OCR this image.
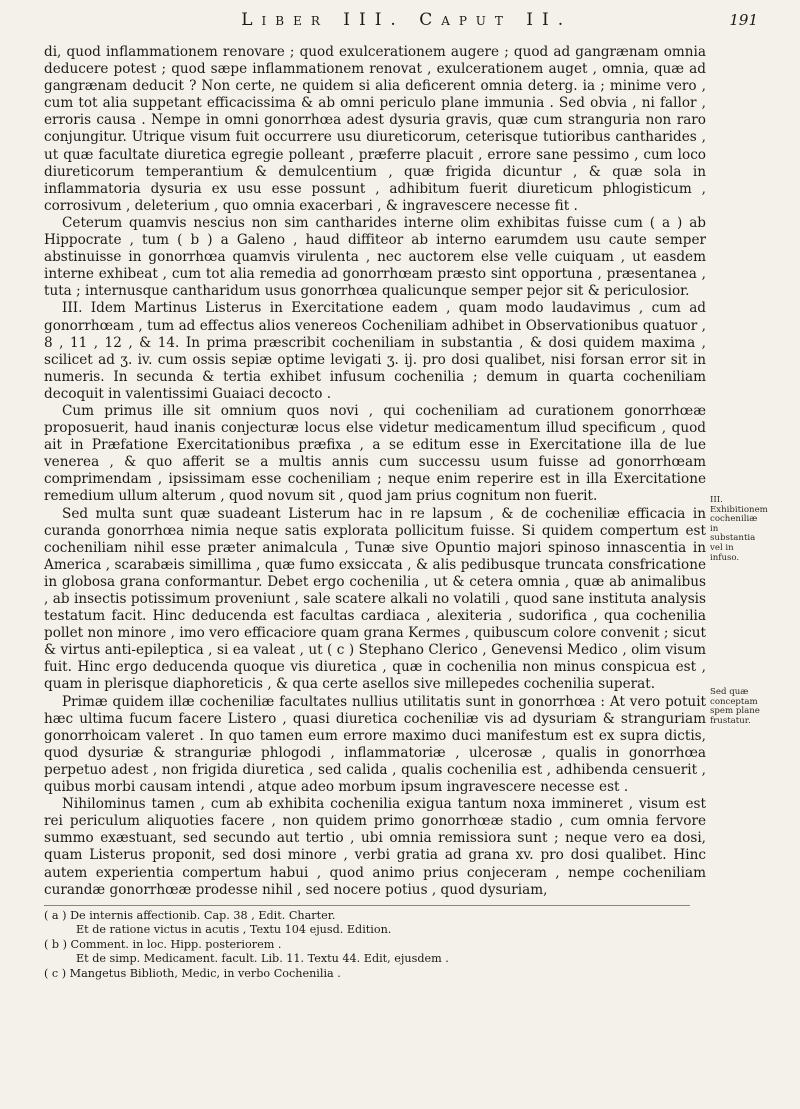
Liber III. Caput II.	191

di, quod inflammationem renovare ; quod exulcerationem augere ; quod ad gangrænam omnia deducere potest ; quod sæpe inflammationem renovat , exulcerationem auget , omnia, quæ ad gangrænam deducit ? Non certe, ne quidem si alia deficerent omnia deterg. ia ; minime vero , cum tot alia suppetant efficacissima & ab omni periculo plane immunia . Sed obvia , ni fallor , erroris causa . Nempe in omni gonorrhœa adest dysuria gravis, quæ cum stranguria non raro conjungitur. Utrique visum fuit occurrere usu diureticorum, ceterisque tutioribus cantharides , ut quæ facultate diuretica egregie polleant , præferre placuit , errore sane pessimo , cum loco diureticorum temperantium & demulcentium , quæ frigida dicuntur , & quæ sola in inflammatoria dysuria ex usu esse possunt , adhibitum fuerit diureticum phlogisticum , corrosivum , deleterium , quo omnia exacerbari , & ingravescere necesse fit .

Ceterum quamvis nescius non sim cantharides interne olim exhibitas fuisse cum ( a ) ab Hippocrate , tum ( b ) a Galeno , haud diffiteor ab interno earumdem usu caute semper abstinuisse in gonorrhœa quamvis virulenta , nec auctorem else velle cuiquam , ut easdem interne exhibeat , cum tot alia remedia ad gonorrhœam præsto sint opportuna , præsentanea , tuta ; internusque cantharidum usus gonorrhœa qualicunque semper pejor sit & periculosior.

III. Exhibitionem cocheniliæ in substantia vel in infuso.

III. Idem Martinus Listerus in Exercitatione eadem , quam modo laudavimus , cum ad gonorrhœam , tum ad effectus alios venereos Cocheniliam adhibet in Observationibus quatuor , 8 , 11 , 12 , & 14. In prima præscribit cocheniliam in substantia , & dosi quidem maxima , scilicet ad ʒ. iv. cum ossis sepiæ optime levigati ʒ. ij. pro dosi qualibet, nisi forsan error sit in numeris. In secunda & tertia exhibet infusum cochenilia ; demum in quarta cocheniliam decoquit in valentissimi Guaiaci decocto .

Cum primus ille sit omnium quos novi , qui cocheniliam ad curationem gonorrhœæ proposuerit, haud inanis conjecturæ locus else videtur medicamentum illud specificum , quod ait in Præfatione Exercitationibus præfixa , a se editum esse in Exercitatione illa de lue venerea , & quo afferit se a multis annis cum successu usum fuisse ad gonorrhœam comprimendam , ipsissimam esse cocheniliam ; neque enim reperire est in illa Exercitatione remedium ullum alterum , quod novum sit , quod jam prius cognitum non fuerit.

Sed quæ conceptam spem plane frustatur.

Sed multa sunt quæ suadeant Listerum hac in re lapsum , & de cocheniliæ efficacia in curanda gonorrhœa nimia neque satis explorata pollicitum fuisse. Si quidem compertum est cocheniliam nihil esse præter animalcula , Tunæ sive Opuntio majori spinoso innascentia in America , scarabæis simillima , quæ fumo exsiccata , & alis pedibusque truncata consfricatione in globosa grana conformantur. Debet ergo cochenilia , ut & cetera omnia , quæ ab animalibus , ab insectis potissimum proveniunt , sale scatere alkali no volatili , quod sane instituta analysis testatum facit. Hinc deducenda est facultas cardiaca , alexiteria , sudorifica , qua cochenilia pollet non minore , imo vero efficaciore quam grana Kermes , quibuscum colore convenit ; sicut & virtus anti-epileptica , si ea valeat , ut ( c ) Stephano Clerico , Genevensi Medico , olim visum fuit. Hinc ergo deducenda quoque vis diuretica , quæ in cochenilia non minus conspicua est , quam in plerisque diaphoreticis , & qua certe asellos sive millepedes cochenilia superat.

Primæ quidem illæ cocheniliæ facultates nullius utilitatis sunt in gonorrhœa : At vero potuit hæc ultima fucum facere Listero , quasi diuretica cocheniliæ vis ad dysuriam & stranguriam gonorrhoicam valeret . In quo tamen eum errore maximo duci manifestum est ex supra dictis, quod dysuriæ & stranguriæ phlogodi , inflammatoriæ , ulcerosæ , qualis in gonorrhœa perpetuo adest , non frigida diuretica , sed calida , qualis cochenilia est , adhibenda censuerit , quibus morbi causam intendi , atque adeo morbum ipsum ingravescere necesse est .

Nihilominus tamen , cum ab exhibita cochenilia exigua tantum noxa immineret , visum est rei periculum aliquoties facere , non quidem primo gonorrhœæ stadio , cum omnia fervore summo exæstuant, sed secundo aut tertio , ubi omnia remissiora sunt ; neque vero ea dosi, quam Listerus proponit, sed dosi minore , verbi gratia ad grana xv. pro dosi qualibet. Hinc autem experientia compertum habui , quod animo prius conjeceram , nempe cocheniliam curandæ gonorrhœæ prodesse nihil , sed nocere potius , quod dysuriam,

( a ) De internis affectionib. Cap. 38 , Edit. Charter.

Et de ratione victus in acutis , Textu 104 ejusd. Edition.

( b ) Comment. in loc. Hipp. posteriorem .

Et de simp. Medicament. facult. Lib. 11. Textu 44. Edit, ejusdem .

( c ) Mangetus Biblioth, Medic, in verbo Cochenilia .
